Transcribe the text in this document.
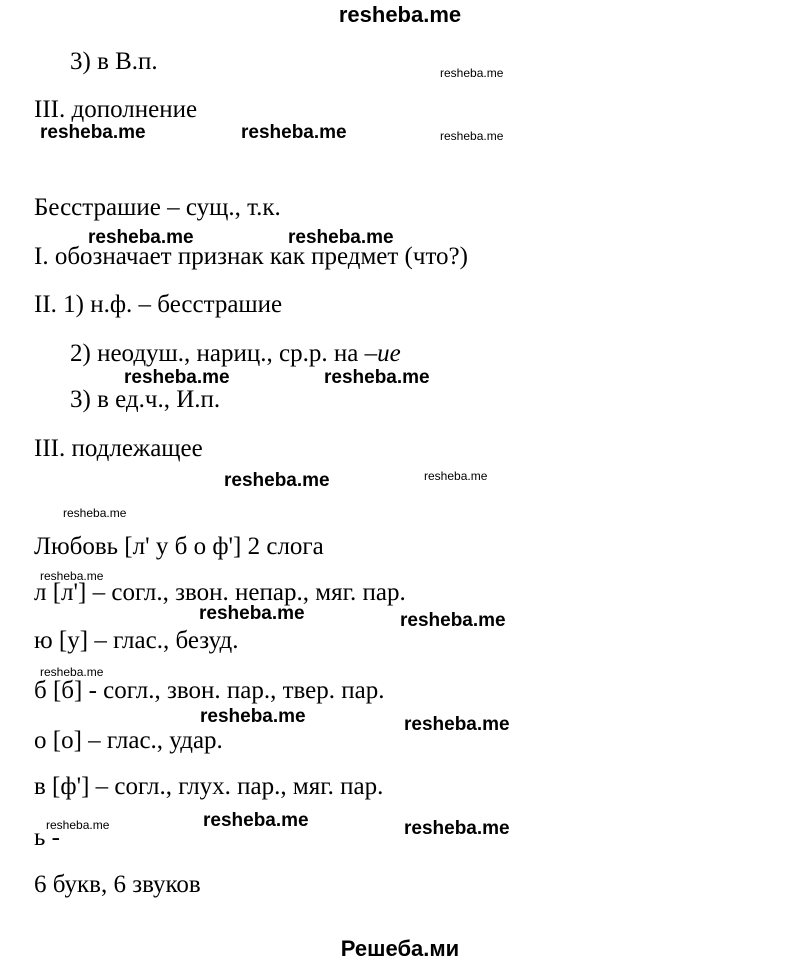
resheba.me
3) в В.п.	resheba.me
III. дополнение
resheba.me	resheba.me	resheba.me
Бесстрашие – сущ., т.к.
resheba.me	resheba.me
I. обозначает признак как предмет (что?)
II. 1) н.ф. – бесстрашие
2) неодуш., нариц., ср.р. на –ие
resheba.me	resheba.me
3) в ед.ч., И.п.
III. подлежащее
resheba.me	resheba.me
resheba.me
Любовь [л' у б о ф'] 2 слога
resheba.me
л [л'] – согл., звон. непар., мяг. пар.
resheba.me	resheba.me
ю [у] – глас., безуд.
resheba.me
б [б] - согл., звон. пар., твер. пар.
resheba.me	resheba.me
о [о] – глас., удар.
в [ф'] – согл., глух. пар., мяг. пар.
ь -
resheba.me	resheba.me	resheba.me
6 букв, 6 звуков
Решеба.ми
